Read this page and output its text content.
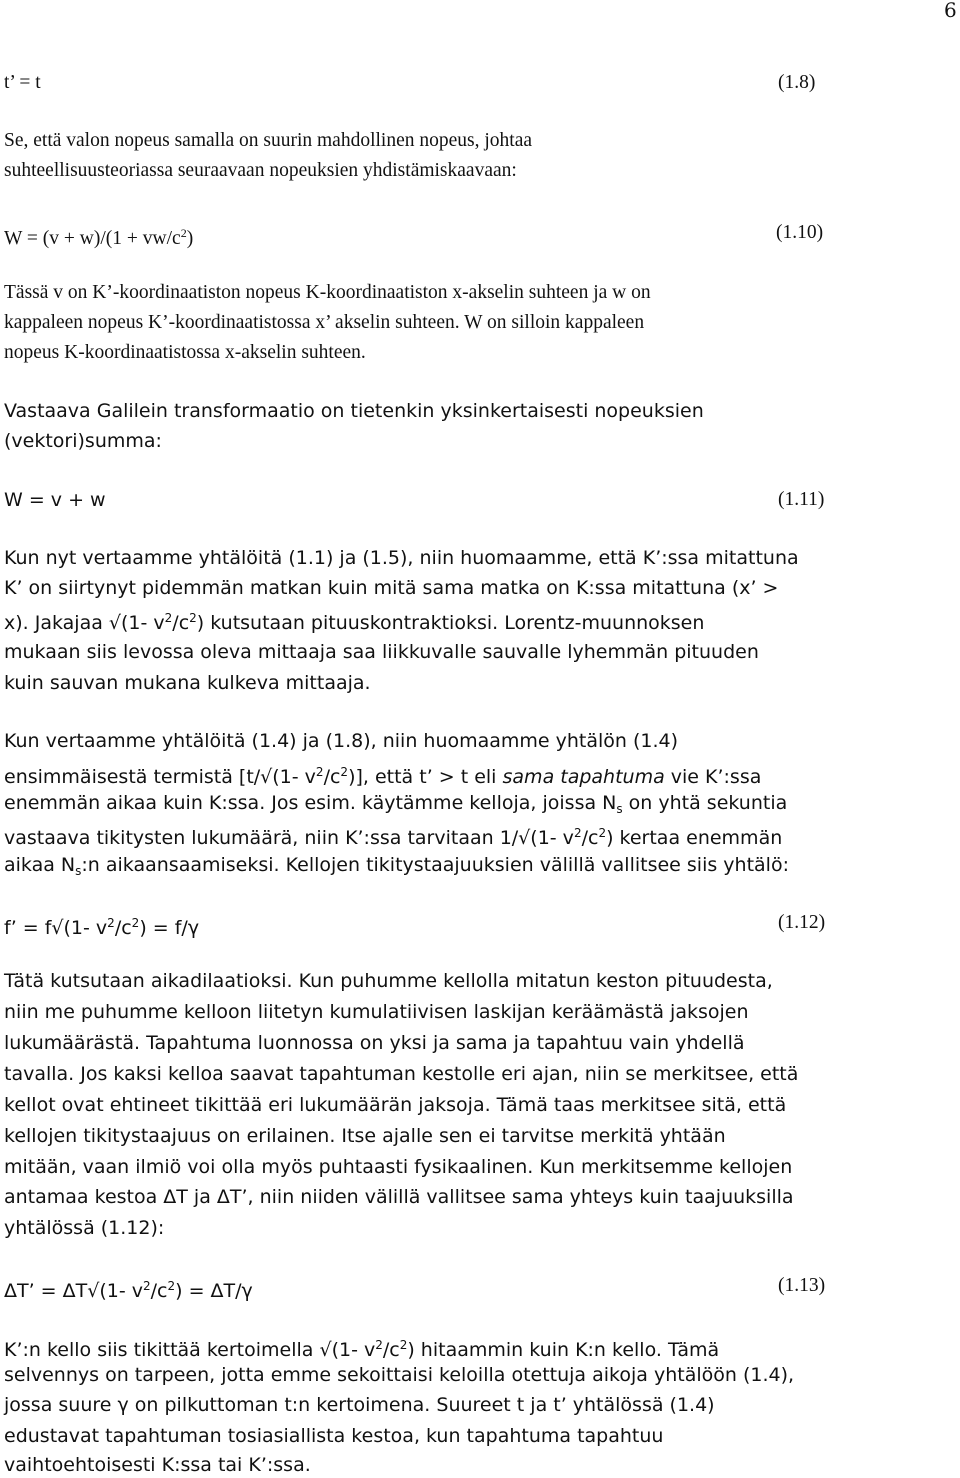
6
t’ = t	(1.8)
Se, että valon nopeus samalla on suurin mahdollinen nopeus, johtaa
suhteellisuusteoriassa seuraavaan nopeuksien yhdistämiskaavaan:
$W = (v + w)/(1 + vw/c^2)$	(1.10)
Tässä v on K’-koordinaatiston nopeus K-koordinaatiston x-akselin suhteen ja w on
kappaleen nopeus K’-koordinaatistossa x’ akselin suhteen. W on silloin kappaleen
nopeus K-koordinaatistossa x-akselin suhteen.
Vastaava Galilein transformaatio on tietenkin yksinkertaisesti nopeuksien
(vektori)summa:
W = v + w	(1.11)
Kun nyt vertaamme yhtälöitä (1.1) ja (1.5), niin huomaamme, että K’:ssa mitattuna
K’ on siirtynyt pidemmän matkan kuin mitä sama matka on K:ssa mitattuna (x’ >
x). Jakajaa √(1- $v^2/c^2$) kutsutaan pituuskontraktioksi. Lorentz-muunnoksen
mukaan siis levossa oleva mittaaja saa liikkuvalle sauvalle lyhemmän pituuden
kuin sauvan mukana kulkeva mittaaja.
Kun vertaamme yhtälöitä (1.4) ja (1.8), niin huomaamme yhtälön (1.4)
ensimmäisestä termistä [t/√(1- $v^2/c^2$)], että t’ > t eli sama tapahtuma vie K’:ssa
enemmän aikaa kuin K:ssa. Jos esim. käytämme kelloja, joissa $N_s$ on yhtä sekuntia
vastaava tikitysten lukumäärä, niin K’:ssa tarvitaan 1/√(1- $v^2/c^2$) kertaa enemmän
aikaa $N_s:n$ aikaansaamiseksi. Kellojen tikitystaajuuksien välillä vallitsee siis yhtälö:
f’ = f√(1- $v^2/c^2) = f/\gamma$	(1.12)
Tätä kutsutaan aikadilaatioksi. Kun puhumme kellolla mitatun keston pituudesta,
niin me puhumme kelloon liitetyn kumulatiivisen laskijan keräämästä jaksojen
lukumäärästä. Tapahtuma luonnossa on yksi ja sama ja tapahtuu vain yhdellä
tavalla. Jos kaksi kelloa saavat tapahtuman kestolle eri ajan, niin se merkitsee, että
kellot ovat ehtineet tikittää eri lukumäärän jaksoja. Tämä taas merkitsee sitä, että
kellojen tikitystaajuus on erilainen. Itse ajalle sen ei tarvitse merkitä yhtään
mitään, vaan ilmiö voi olla myös puhtaasti fysikaalinen. Kun merkitsemme kellojen
antamaa kestoa ΔT ja ΔT’, niin niiden välillä vallitsee sama yhteys kuin taajuuksilla
yhtälössä (1.12):
ΔT’ = ΔT√(1- $v^2/c^2) = \Delta T/\gamma$	(1.13)
K’:n kello siis tikittää kertoimella √(1- $v^2/c^2$) hitaammin kuin K:n kello. Tämä
selvennys on tarpeen, jotta emme sekoittaisi keloilla otettuja aikoja yhtälöön (1.4),
jossa suure γ on pilkuttoman t:n kertoimena. Suureet t ja t’ yhtälössä (1.4)
edustavat tapahtuman tosiasiallista kestoa, kun tapahtuma tapahtuu
vaihtoehtoisesti K:ssa tai K’:ssa.
